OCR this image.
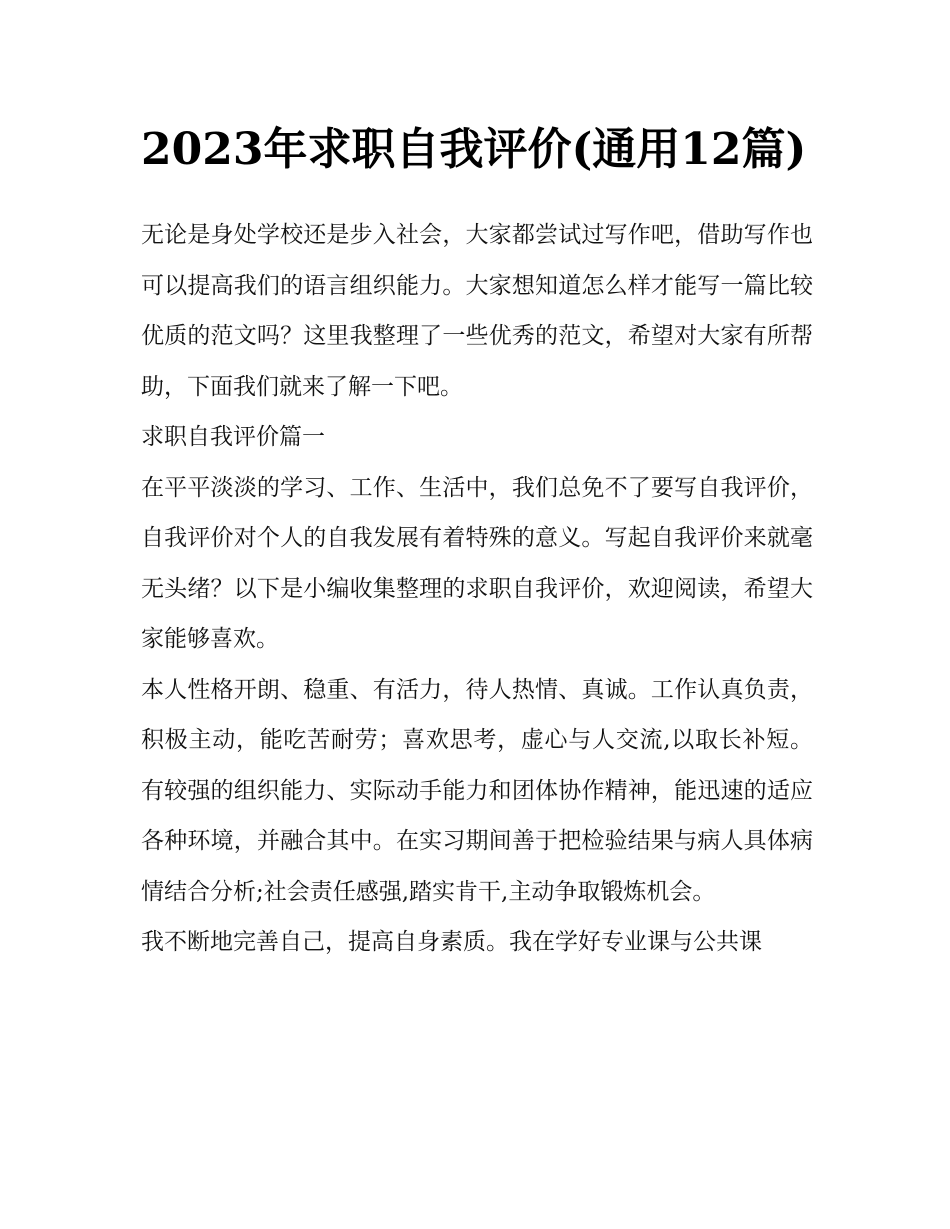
2023年求职自我评价(通用12篇)

无论是身处学校还是步入社会，大家都尝试过写作吧，借助写作也可以提高我们的语言组织能力。大家想知道怎么样才能写一篇比较优质的范文吗？这里我整理了一些优秀的范文，希望对大家有所帮助，下面我们就来了解一下吧。

求职自我评价篇一

在平平淡淡的学习、工作、生活中，我们总免不了要写自我评价，自我评价对个人的自我发展有着特殊的意义。写起自我评价来就毫无头绪？以下是小编收集整理的求职自我评价，欢迎阅读，希望大家能够喜欢。

本人性格开朗、稳重、有活力，待人热情、真诚。工作认真负责，积极主动，能吃苦耐劳；喜欢思考，虚心与人交流,以取长补短。有较强的组织能力、实际动手能力和团体协作精神，能迅速的适应各种环境，并融合其中。在实习期间善于把检验结果与病人具体病情结合分析;社会责任感强,踏实肯干,主动争取锻炼机会。

我不断地完善自己，提高自身素质。我在学好专业课与公共课
